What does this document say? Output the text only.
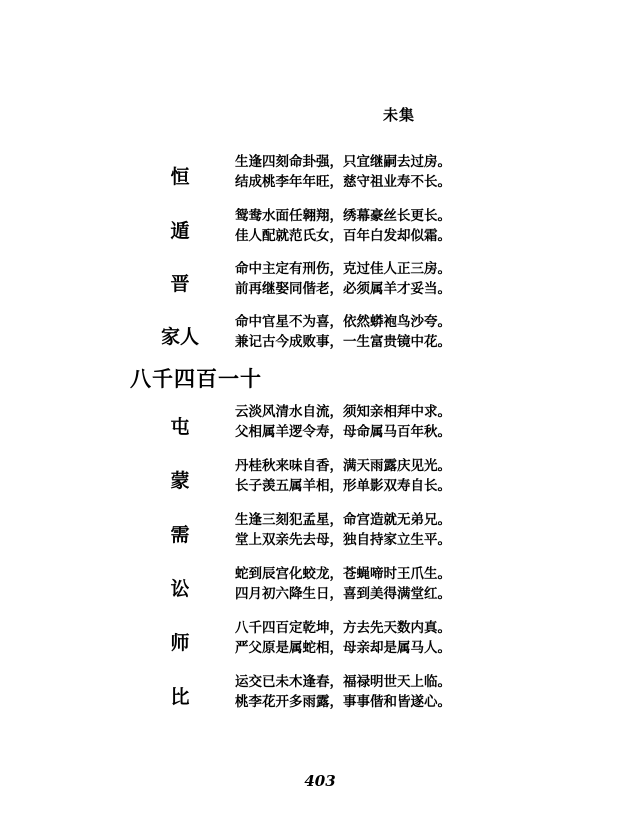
未集
恒
生逢四刻命卦强，只宜继嗣去过房。
结成桃李年年旺，慈守祖业寿不长。
遁
鸳鸯水面任翱翔，绣幕豪丝长更长。
佳人配就范氏女，百年白发却似霜。
晋
命中主定有刑伤，克过佳人正三房。
前再继娶同偕老，必须属羊才妥当。
家人
命中官星不为喜，依然蟒袍鸟沙夸。
兼记古今成败事，一生富贵镜中花。
八千四百一十
屯
云淡风清水自流，须知亲相拜中求。
父相属羊逻令寿，母命属马百年秋。
蒙
丹桂秋来味自香，满天雨露庆见光。
长子羡五属羊相，形单影双寿自长。
需
生逢三刻犯孟星，命宫造就无弟兄。
堂上双亲先去母，独自持家立生平。
讼
蛇到辰宫化蛟龙，苍蝇啼时王爪生。
四月初六降生日，喜到美得满堂红。
师
八千四百定乾坤，方去先天数内真。
严父原是属蛇相，母亲却是属马人。
比
运交已未木逢春，福禄明世天上临。
桃李花开多雨露，事事偕和皆遂心。
403
